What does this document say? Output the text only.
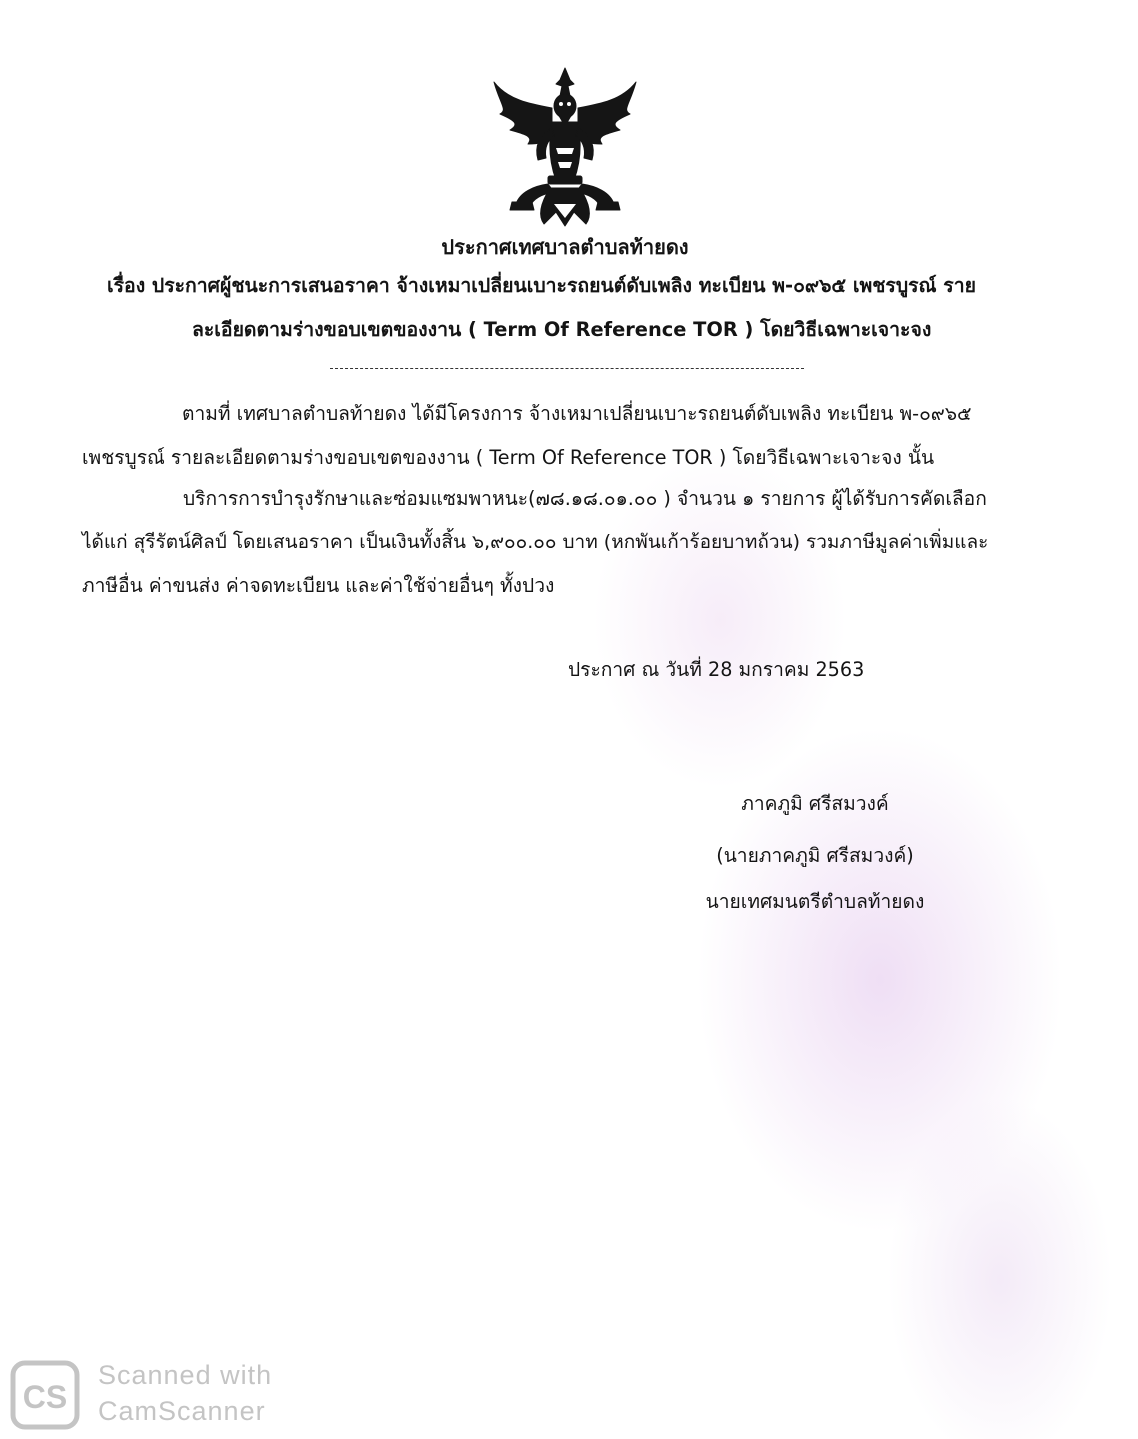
ประกาศเทศบาลตำบลท้ายดง
เรื่อง ประกาศผู้ชนะการเสนอราคา จ้างเหมาเปลี่ยนเบาะรถยนต์ดับเพลิง ทะเบียน พ-๐๙๖๕ เพชรบูรณ์ ราย
ละเอียดตามร่างขอบเขตของงาน ( Term Of Reference TOR ) โดยวิธีเฉพาะเจาะจง
ตามที่ เทศบาลตำบลท้ายดง ได้มีโครงการ จ้างเหมาเปลี่ยนเบาะรถยนต์ดับเพลิง ทะเบียน พ-๐๙๖๕
เพชรบูรณ์ รายละเอียดตามร่างขอบเขตของงาน ( Term Of Reference TOR ) โดยวิธีเฉพาะเจาะจง นั้น
บริการการบำรุงรักษาและซ่อมแซมพาหนะ(๗๘.๑๘.๐๑.๐๐ ) จำนวน ๑ รายการ ผู้ได้รับการคัดเลือก
ได้แก่ สุรีรัตน์ศิลป์ โดยเสนอราคา เป็นเงินทั้งสิ้น ๖,๙๐๐.๐๐ บาท (หกพันเก้าร้อยบาทถ้วน) รวมภาษีมูลค่าเพิ่มและ
ภาษีอื่น ค่าขนส่ง ค่าจดทะเบียน และค่าใช้จ่ายอื่นๆ ทั้งปวง
ประกาศ ณ วันที่ 28 มกราคม 2563
ภาคภูมิ ศรีสมวงค์
(นายภาคภูมิ ศรีสมวงค์)
นายเทศมนตรีตำบลท้ายดง
CS
Scanned with
CamScanner
